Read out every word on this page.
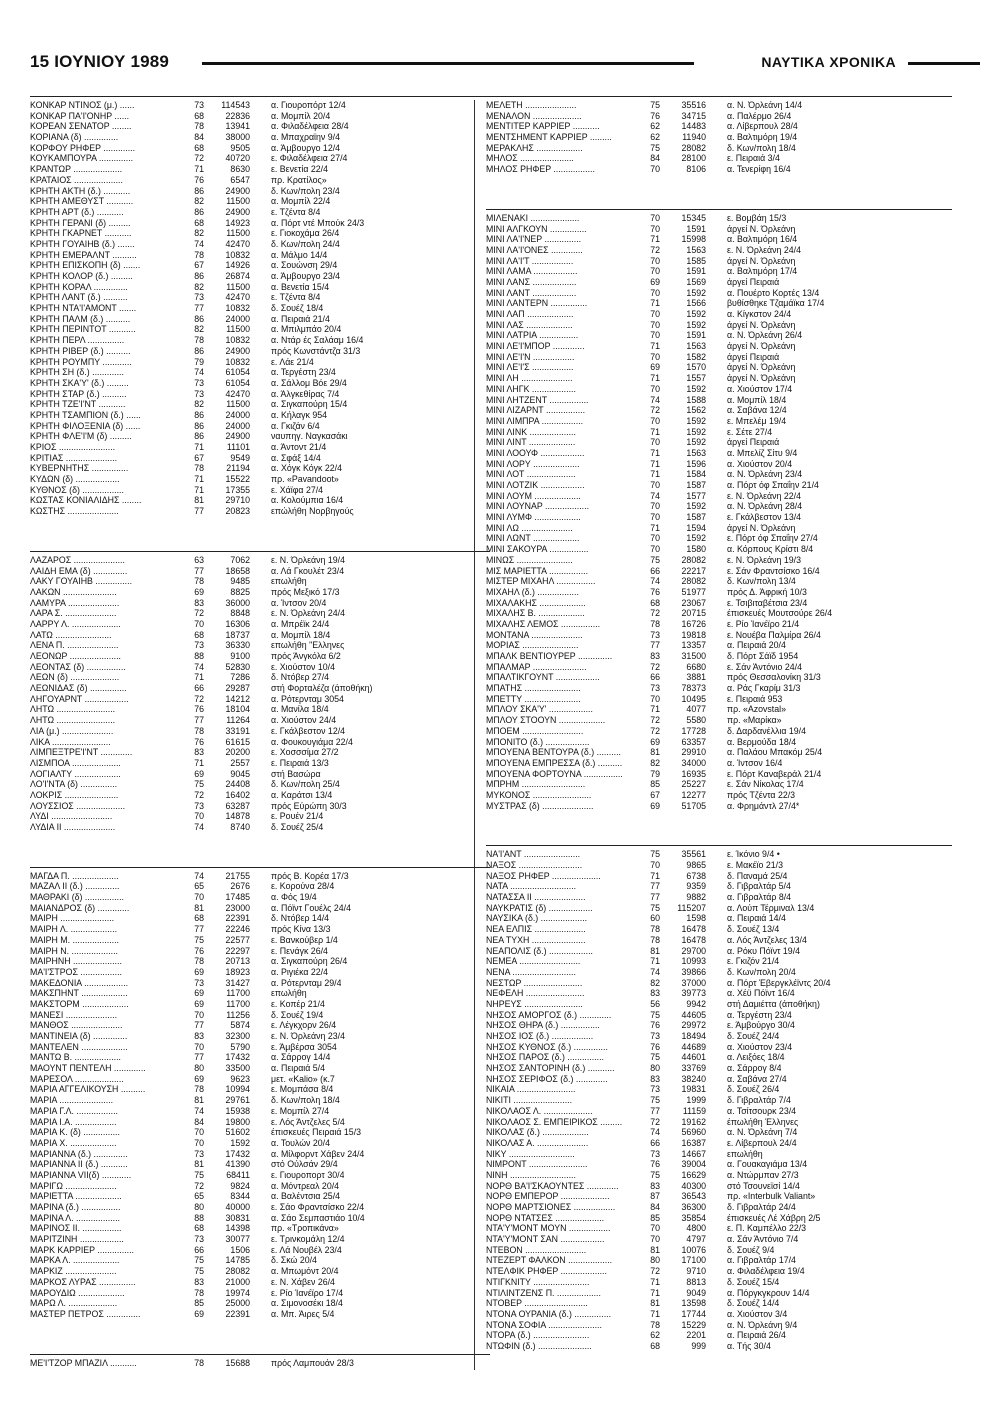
15 ΙΟΥΝΙΟΥ 1989	ΝΑΥΤΙΚΑ ΧΡΟΝΙΚΑ
ΚΟΝΚΑΡ ΝΤΙΝΟΣ (μ.) ......	73	114543	α. Γιουροπόρτ 12/4
ΚΟΝΚΑΡ ΠΑ'Ι'ΟΝΗΡ ......	68	22836	α. Μομπίλ 20/4
ΚΟΡΕΑΝ ΣΕΝΑΤΟΡ ........	78	13941	α. Φιλαδέλφεια 28/4
ΚΟΡΙΑΝΑ (δ) ..............	84	38000	α. Μπαχραϊην 9/4
ΚΟΡΦΟΥ ΡΗΦΕΡ .............	68	9505	α. Άμβουργο 12/4
ΚΟΥΚΑΜΠΟΥΡΑ ..............	72	40720	ε. Φιλαδέλφεια 27/4
ΚΡΑΝΤΩΡ ....................	71	8630	ε. Βενετία 22/4
ΚΡΑΤΑΙΟΣ ....................	76	6547	πρ. Κρατίλος»
ΚΡΗΤΗ ΑΚΤΗ (δ.) ...........	86	24900	δ. Κων/πολη 23/4
ΚΡΗΤΗ ΑΜΕΘΥΣΤ ...........	82	11500	α. Μομπίλ 22/4
ΚΡΗΤΗ ΑΡΤ (δ.) ...........	86	24900	ε. Τζέντα 8/4
ΚΡΗΤΗ ΓΕΡΑΝΙ (δ) .........	68	14923	α. Πόρτ ντέ Μπούκ 24/3
ΚΡΗΤΗ ΓΚΑΡΝΕΤ ...........	82	11500	ε. Γιοκοχάμα 26/4
ΚΡΗΤΗ ΓΟΥΑΙΗΒ (δ.) .......	74	42470	δ. Κων/πολη 24/4
ΚΡΗΤΗ ΕΜΕΡΑΛΝΤ ..........	78	10832	α. Μάλμο 14/4
ΚΡΗΤΗ ΕΠΙΣΚΟΠΗ (δ) .......	67	14926	α. Σουώνση 29/4
ΚΡΗΤΗ ΚΟΛΟΡ (δ.) .........	86	26874	α. Άμβουργο 23/4
ΚΡΗΤΗ ΚΟΡΑΛ ..............	82	11500	α. Βενετία 15/4
ΚΡΗΤΗ ΛΑΝΤ (δ.) ..........	73	42470	ε. Τζέντα 8/4
ΚΡΗΤΗ ΝΤΑ'Ι'ΑΜΟΝΤ .......	77	10832	δ. Σουέζ 18/4
ΚΡΗΤΗ ΠΑΛΜ (δ.) ..........	86	24000	α. Πειραιά 21/4
ΚΡΗΤΗ ΠΕΡΙΝΤΟΤ ...........	82	11500	α. Μπιλμπάο 20/4
ΚΡΗΤΗ ΠΕΡΛ ...............	78	10832	α. Ντάρ ές Σαλάαμ 16/4
ΚΡΗΤΗ ΡΙΒΕΡ (δ.) ..........	86	24900	πρός Κωνστάντζα 31/3
ΚΡΗΤΗ ΡΟΥΜΠΥ ............	79	10832	ε. Λάε 21/4
ΚΡΗΤΗ ΣΗ (δ.) .............	74	61054	α. Τεργέστη 23/4
ΚΡΗΤΗ ΣΚΑ'Υ' (δ.) .........	73	61054	α. Σάλλομ Βόε 29/4
ΚΡΗΤΗ ΣΤΑΡ (δ.) ..........	73	42470	α. Άλγκεθίρας 7/4
ΚΡΗΤΗ ΤΖΕ'Ι'ΝΤ ...........	82	11500	α. Σιγκαπούρη 15/4
ΚΡΗΤΗ ΤΣΑΜΠΙΟΝ (δ.) ......	86	24000	α. Κήλαγκ 954
ΚΡΗΤΗ ΦΙΛΟΞΕΝΙΑ (δ) ......	86	24000	α. Γκιζάν 6/4
ΚΡΗΤΗ ΦΛΕ'Ι'Μ (δ) .........	86	24900	ναυπηγ. Ναγκασάκι
ΚΡΙΟΣ .......................	71	11101	α. Άντοντ 21/4
ΚΡΙΤΙΑΣ .....................	67	9549	α. Σφάξ 14/4
ΚΥΒΕΡΝΗΤΗΣ ...............	78	21194	α. Χόγκ Κόγκ 22/4
ΚΥΔΩΝ (δ) ..................	71	15522	πρ. «Pavandoot»
ΚΥΘΝΟΣ (δ) .................	71	17355	ε. Χάϊφα 27/4
ΚΩΣΤΑΣ ΚΟΝΙΑΛΙΔΗΣ ........	81	29710	α. Κολούμπια 16/4
ΚΩΣΤΗΣ .....................	77	20823	επώλήθη Νορβηγούς
ΛΑΖΑΡΟΣ .....................	63	7062	ε. Ν. Όρλεάνη 19/4
ΛΑΙΔΗ ΕΜΑ (δ) ..............	77	18658	α. Λά Γκουλέτ 23/4
ΛΑΚΥ ΓΟΥΑΙΗΒ ...............	78	9485	επωλήθη
ΛΑΚΩΝ ......................	69	8825	πρός Μεξικό 17/3
ΛΑΜΥΡΑ .....................	83	36000	α. Ίντσον 20/4
ΛΑΡΑ Σ. .....................	72	8848	ε. Ν. Όρλεάνη 24/4
ΛΑΡΡΥ Λ. ....................	70	16306	α. Μπρέϊκ 24/4
ΛΑΤΩ .......................	68	18737	α. Μομπίλ 18/4
ΛΕΝΑ Π. .....................	73	36330	επωλήθη "Ελληνες
ΛΕΟΝΩΡ .....................	88	9100	πρός Άνγκόλα 6/2
ΛΕΟΝΤΑΣ (δ) ................	74	52830	ε. Χιούστον 10/4
ΛΕΩΝ (δ) ....................	71	7286	δ. Ντόβερ 27/4
ΛΕΩΝΙΔΑΣ (δ) ...............	66	29287	στή Φορταλέζα (άποθήκη)
ΛΗΓΟΥΑΡΝΤ ..................	72	14212	α. Ρότερνταμ 3054
ΛΗΤΩ ........................	76	18104	α. Μανίλα 18/4
ΛΗΤΩ ........................	77	11264	α. Χιούστον 24/4
ΛΙΑ (μ.) .....................	78	33191	ε. Γκάλβεστον 12/4
ΛΙΚΑ ........................	76	61615	α. Φουκουγιάμα 22/4
ΛΙΜΠΕΞΤΡΕ'Ι'ΝΤ .............	83	20200	ε. Χοσσσίμα 27/2
ΛΙΣΜΠΟΑ ....................	71	2557	ε. Πειραιά 13/3
ΛΟΓΙΑΛΤΥ ...................	69	9045	στή Βασώρα
ΛΟ'Ι'ΝΤΑ (δ) ...............	75	24408	δ. Κων/πολη 25/4
ΛΟΚΡΙΣ ......................	72	16402	α. Καράτσι 13/4
ΛΟΥΣΣΙΟΣ ....................	73	63287	πρός Εύρώπη 30/3
ΛΥΔΙ .........................	70	14878	ε. Ρουέν 21/4
ΛΥΔΙΑ ΙΙ .....................	74	8740	δ. Σουέζ 25/4
ΜΑΓΔΑ Π. ...................	74	21755	πρός Β. Κορέα 17/3
ΜΑΖΑΛ ΙΙ (δ.) ..............	65	2676	ε. Κορούνα 28/4
ΜΑΘΡΑΚΙ (δ) ................	70	17485	α. Φός 19/4
ΜΑΙΑΝΔΡΟΣ (δ) .............	81	23000	α. Πόϊντ Γουέλς 24/4
ΜΑΙΡΗ ......................	68	22391	δ. Ντόβερ 14/4
ΜΑΙΡΗ Λ. ...................	77	22246	πρός Κίνα 13/3
ΜΑΙΡΗ Μ. ...................	75	22577	ε. Βανκούβερ 1/4
ΜΑΙΡΗ Ν. ...................	76	22297	ε. Πενάγκ 26/4
ΜΑΙΡΗΝΗ ....................	78	20713	α. Σιγκαπούρη 26/4
ΜΑ'Ι'ΣΤΡΟΣ .................	69	18923	α. Ριγιέκα 22/4
ΜΑΚΕΔΟΝΙΑ ..................	73	31427	α. Ρότερνταμ 29/4
ΜΑΚΣΠΗΝΤ ...................	69	11700	επωλήθη
ΜΑΚΣΤΟΡΜ ...................	69	11700	ε. Κοπέρ 21/4
ΜΑΝΕΣΙ .....................	70	11256	δ. Σουέζ 19/4
ΜΑΝΘΟΣ .....................	77	5874	ε. Λέγκχορν 26/4
ΜΑΝΤΙΝΕΙΑ (δ) ..............	83	32300	ε. Ν. Όρλεάνη 23/4
ΜΑΝΤΕΛΕΝ ...................	70	5790	ε. Άμβέρσα 3054
ΜΑΝΤΩ Β. ...................	77	17432	α. Σάρρογ 14/4
ΜΑΟΥΝΤ ΠΕΝΤΕΛΗ .............	80	33500	α. Πειραιά 5/4
ΜΑΡΕΣΟΛ ....................	69	9623	μετ. «Kalio» (κ.7
ΜΑΡΙΑ ΑΓΓΕΛΙΚΟΥΣΗ ..........	78	10994	ε. Μομπάσα 8/4
ΜΑΡΙΑ ......................	81	29761	δ. Κων/πολη 18/4
ΜΑΡΙΑ Γ.Λ. .................	74	15938	ε. Μομπίλ 27/4
ΜΑΡΙΑ Ι.Α. .................	84	19800	ε. Λός Άντζελες 5/4
ΜΑΡΙΑ Κ. (δ) ...............	70	51602	έπισκευές Πειραιά 15/3
ΜΑΡΙΑ Χ. ...................	70	1592	α. Τουλών 20/4
ΜΑΡΙΑΝΝΑ (δ.) ..............	73	17432	α. Μίλφορντ Χάβεν 24/4
ΜΑΡΙΑΝΝΑ ΙΙ (δ.) ...........	81	41390	στό Ούλσάν 29/4
ΜΑΡΙΑΝΝΑ VII(δ) ............	75	68411	ε. Γιουροπορτ 30/4
ΜΑΡΙΓΩ .....................	72	9824	α. Μόντρεαλ 20/4
ΜΑΡΙΕΤΤΑ ...................	65	8344	α. Βαλέντσια 25/4
ΜΑΡΙΝΑ (δ.) ................	80	40000	ε. Σάο Φραντσίσκο 22/4
ΜΑΡΙΝΑ Λ. ..................	88	30831	α. Σάο Σεμπαστιάο 10/4
ΜΑΡΙΝΟΣ ΙΙ. ................	68	14398	πρ. «Τροπικάνα»
ΜΑΡΙΤΖΙΝΗ ..................	73	30077	ε. Τρινκομάλη 12/4
ΜΑΡΚ ΚΑΡΡΙΕΡ ...............	66	1506	ε. Λά Νουβέλ 23/4
ΜΑΡΚΑ Λ. ...................	75	14785	δ. Σκώ 20/4
ΜΑΡΚΙΖ .....................	75	28082	α. Μπωμόντ 20/4
ΜΑΡΚΟΣ ΛΥΡΑΣ ...............	83	21000	ε. Ν. Χάβεν 26/4
ΜΑΡΟΥΔΙΩ ...................	78	19974	ε. Ρίο Ίανέϊρο 17/4
ΜΑΡΩ Λ. ....................	85	25000	α. Σιμονοσέκι 18/4
ΜΑΣΤΕΡ ΠΕΤΡΟΣ ..............	69	22391	α. Μπ. Άιρες 5/4
ΜΕ'Ι'ΤΖΟΡ ΜΠΑΖΙΛ ...........	78	15688	πρός Λαμπουάν 28/3
ΜΕΛΕΤΗ .....................	75	35516	α. Ν. Όρλεάνη 14/4
ΜΕΝΑΛΟΝ ....................	76	34715	α. Παλέρμο 26/4
ΜΕΝΤΙΤΕΡ ΚΑΡΡΙΕΡ ...........	62	14483	α. Λίβερπουλ 28/4
ΜΕΝΤΣΗΜΕΝΤ ΚΑΡΡΙΕΡ .........	62	11940	α. Βαλτιμόρη 19/4
ΜΕΡΑΚΛΗΣ ...................	75	28082	δ. Κων/πολη 18/4
ΜΗΛΟΣ ......................	84	28100	ε. Πειραιά 3/4
ΜΗΛΟΣ ΡΗΦΕΡ .................	70	8106	α. Τενερίφη 16/4
ΜΙΛΕΝΑΚΙ ....................	70	15345	ε. Βομβάη 15/3
ΜΙΝΙ ΑΛΓΚΟΥΝ ...............	70	1591	άργεί Ν. Όρλεάνη
ΜΙΝΙ ΛΑ'Ι'ΝΕΡ ...............	71	15998	α. Βαλτιμόρη 16/4
ΜΙΝΙ ΛΑ'Ι'ΟΝΕΣ .............	72	1563	ε. Ν. Όρλεάνη 24/4
ΜΙΝΙ ΛΑ'Ι'Τ .................	70	1585	άργεί Ν. Όρλεάνη
ΜΙΝΙ ΛΑΜΑ ..................	70	1591	α. Βαλτιμόρη 17/4
ΜΙΝΙ ΛΑΝΣ ..................	69	1569	άργεί Πειραιά
ΜΙΝΙ ΛΑΝΤ ..................	70	1592	α. Πουέρτο Κορτές 13/4
ΜΙΝΙ ΛΑΝΤΕΡΝ ...............	71	1566	βυθίσθηκε Τζαμάϊκα 17/4
ΜΙΝΙ ΛΑΠ ...................	70	1592	α. Κίγκστον 24/4
ΜΙΝΙ ΛΑΣ ...................	70	1592	άργεί Ν. Όρλεάνη
ΜΙΝΙ ΛΑΤΡΙΑ ................	70	1591	α. Ν. Όρλεάνη 26/4
ΜΙΝΙ ΛΕ'Ι'ΜΠΟΡ .............	71	1563	άργεί Ν. Όρλεάνη
ΜΙΝΙ ΛΕ'Ι'Ν .................	70	1582	άργεί Πειραιά
ΜΙΝΙ ΛΕ'Ι'Σ .................	69	1570	άργεί Ν. Όρλεάνη
ΜΙΝΙ ΛΗ .....................	71	1557	άργεί Ν. Όρλεάνη
ΜΙΝΙ ΛΗΓΚ ..................	70	1592	α. Χιούστον 17/4
ΜΙΝΙ ΛΗΤΖΕΝΤ ................	74	1588	α. Μομπίλ 18/4
ΜΙΝΙ ΛΙΖΑΡΝΤ ................	72	1562	α. Σαβάνα 12/4
ΜΙΝΙ ΛΙΜΠΡΑ .................	70	1592	ε. Μπελέμ 19/4
ΜΙΝΙ ΛΙΝΚ ...................	71	1592	ε. Σέτε 27/4
ΜΙΝΙ ΛΙΝΤ ...................	70	1592	άργεί Πειραιά
ΜΙΝΙ ΛΟΟΥΦ ..................	71	1563	α. Μπελίζ Σίτυ 9/4
ΜΙΝΙ ΛΟΡΥ ...................	71	1596	α. Χιούστον 20/4
ΜΙΝΙ ΛΟΤ ....................	71	1584	α. Ν. Όρλεάνη 23/4
ΜΙΝΙ ΛΟΤΖΙΚ ..................	70	1587	α. Πόρτ όφ Σπαΐην 21/4
ΜΙΝΙ ΛΟΥΜ ...................	74	1577	ε. Ν. Όρλεάνη 22/4
ΜΙΝΙ ΛΟΥΝΑΡ ..................	70	1592	α. Ν. Όρλεάνη 28/4
ΜΙΝΙ ΛΥΜΦ ...................	70	1587	ε. Γκάλβεστον 13/4
ΜΙΝΙ ΛΩ .....................	71	1594	άργεί Ν. Όρλεάνη
ΜΙΝΙ ΛΩΝΤ ...................	70	1592	ε. Πόρτ όφ Σπαΐην 27/4
ΜΙΝΙ ΣΑΚΟΥΡΑ ................	70	1580	α. Κόρπους Κρίστι 8/4
ΜΙΝΩΣ .......................	75	28082	ε. Ν. Όρλεάνη 19/3
ΜΙΣ ΜΑΡΙΕΤΤΑ ................	66	22217	ε. Σάν Φραντσίσκο 16/4
ΜΙΣΤΕΡ ΜΙΧΑΗΛ ................	74	28082	δ. Κων/πολη 13/4
ΜΙΧΑΗΛ (δ.) .................	76	51977	πρός Δ. Άφρική 10/3
ΜΙΧΑΛΑΚΗΣ ...................	68	23067	ε. Τσιβιταβέτσια 23/4
ΜΙΧΑΛΗΣ Β. ...................	72	20715	έπισκευές Μουτσούρε 26/4
ΜΙΧΑΛΗΣ ΛΕΜΟΣ ................	78	16726	ε. Ρίο Ίανέϊρο 21/4
ΜΟΝΤΑΝΑ .....................	73	19818	ε. Νουέβα Παλμίρα 26/4
ΜΟΡΙΑΣ .......................	77	13357	α. Πειραιά 20/4
ΜΠΑΛΚ ΒΕΝΤΙΟΥΡΕΡ ..............	83	31500	δ. Πόρτ Σάϊδ 1954
ΜΠΑΛΜΑΡ ......................	72	6680	ε. Σάν Άντόνιο 24/4
ΜΠΑΛΤΙΚΓΟΥΝΤ ..................	66	3881	πρός Θεσσαλονίκη 31/3
ΜΠΑΤΗΣ .......................	73	78373	α. Ράς Γκαρίμ 31/3
ΜΠΕΤΤΥ .......................	70	10495	ε. Πειραιά 953
ΜΠΛΟΥ ΣΚΑ'Υ' ..................	71	4077	πρ. «Azovstal»
ΜΠΛΟΥ ΣΤΟΟΥΝ ...................	72	5580	πρ. «Μαρίκα»
ΜΠΟΕΜ .........................	72	17728	δ. Δαρδανέλλια 19/4
ΜΠΟΝΙΤΟ (δ.) ..................	69	63357	α. Βερμούδα 18/4
ΜΠΟΥΕΝΑ ΒΕΝΤΟΥΡΑ (δ.) ..........	81	29910	α. Παλάου Μπακόμ 25/4
ΜΠΟΥΕΝΑ ΕΜΠΡΕΣΣΑ (δ.) ..........	82	34000	α. Ίντσον 16/4
ΜΠΟΥΕΝΑ ΦΟΡΤΟΥΝΑ ................	79	16935	ε. Πόρτ Καναβεράλ 21/4
ΜΠΡΗΜ ..........................	85	25227	ε. Σάν Νίκολας 17/4
ΜΥΚΟΝΟΣ ........................	67	12277	πρός Τζέντα 22/3
ΜΥΣΤΡΑΣ (δ) .....................	69	51705	α. Φρημάντλ 27/4*
ΝΑ'Ι'ΑΝΤ .......................	75	35561	ε. Ίκόνιο 9/4 •
ΝΑΞΟΣ ..........................	70	9865	ε. Μακέϊο 21/3
ΝΑΞΟΣ ΡΗΦΕΡ ....................	71	6738	δ. Παναμά 25/4
ΝΑΤΑ ...........................	77	9359	δ. Γιβραλτάρ 5/4
ΝΑΤΑΣΣΑ ΙΙ .....................	77	9882	α. Γιβραλτάρ 8/4
ΝΑΥΚΡΑΤΙΣ (δ) ..................	75	115207	α. Λούπ Τέρμιναλ 13/4
ΝΑΥΣΙΚΑ (δ.) ...................	60	1598	α. Πειραιά 14/4
ΝΕΑ ΕΛΠΙΣ .....................	78	16478	δ. Σουέζ 13/4
ΝΕΑ ΤΥΧΗ ......................	78	16478	α. Λός Άντζελες 13/4
ΝΕΑΠΟΛΙΣ (δ.) ..................	81	29700	α. Ρόκυ Πόϊντ 19/4
ΝΕΜΕΑ .........................	71	10993	ε. Γκιζόν 21/4
ΝΕΝΑ ..........................	74	39866	δ. Κων/πολη 20/4
ΝΕΣΤΩΡ ........................	82	37000	α. Πόρτ Έβεργκλέϊντς 20/4
ΝΕΦΕΛΗ ........................	83	39773	α. Χέϋ Πόϊντ 16/4
ΝΗΡΕΥΣ ........................	56	9942	στή Δαμιέττα (άποθήκη)
ΝΗΣΟΣ ΑΜΟΡΓΟΣ (δ.) .............	75	44605	α. Τεργέστη 23/4
ΝΗΣΟΣ ΘΗΡΑ (δ.) ................	76	29972	ε. Άμβούργο 30/4
ΝΗΣΟΣ ΙΟΣ (δ.) .................	73	18494	δ. Σουέζ 24/4
ΝΗΣΟΣ ΚΥΘΝΟΣ (δ.) ..............	76	44689	α. Χιούστον 23/4
ΝΗΣΟΣ ΠΑΡΟΣ (δ.) ...............	75	44601	α. Λειξόες 18/4
ΝΗΣΟΣ ΣΑΝΤΟΡΙΝΗ (δ.) ...........	80	33769	α. Σάρρογ 8/4
ΝΗΣΟΣ ΣΕΡΙΦΟΣ (δ.) .............	83	38240	α. Σαβάνα 27/4
ΝΙΚΑΙΑ ........................	73	19831	δ. Σουέζ 26/4
ΝΙΚΙΤΙ ........................	75	1999	δ. Γιβραλτάρ 7/4
ΝΙΚΟΛΑΟΣ Λ. ....................	77	11159	α. Τσίτσουρκ 23/4
ΝΙΚΟΛΑΟΣ Σ. ΕΜΠΕΙΡΙΚΟΣ .........	72	19162	έπωλήθη Έλληνες
ΝΙΚΟΛΑΣ (δ.) ...................	74	56960	α. Ν. Όρλεάνη 7/4
ΝΙΚΟΛΑΣ Α. .....................	66	16387	ε. Λίβερπουλ 24/4
ΝΙΚΥ ...........................	73	14667	επωλήθη
ΝΙΜΡΟΝΤ ........................	76	39004	α. Γουακαγιάμα 13/4
ΝΙΝΗ ...........................	75	16629	α. Ντώρμπαν 27/3
ΝΟΡΘ ΒΑ'Ι'ΣΚΑΟΥΝΤΕΣ .............	83	40300	στό Τσουνεϊσί 14/4
ΝΟΡΘ ΕΜΠΕΡΟΡ ....................	87	36543	πρ. «Interbulk Valiant»
ΝΟΡΘ ΜΑΡΤΣΙΟΝΕΣ .................	84	36300	δ. Γιβραλτάρ 24/4
ΝΟΡΘ ΝΤΑΤΣΕΣ ....................	85	35854	έπισκευές Λέ Χάβρη 2/5
ΝΤΑ'Υ'ΜΟΝΤ ΜΟΥΝ .................	70	4800	ε. Π. Καμπέλλο 22/3
ΝΤΑ'Υ'ΜΟΝΤ ΣΑΝ ..................	70	4797	α. Σάν Άντόνιο 7/4
ΝΤΕΒΟΝ .........................	81	10076	δ. Σουέζ 9/4
ΝΤΕΖΕΡΤ ΦΑΛΚΟΝ ..................	80	17100	α. Γιβραλτάρ 17/4
ΝΤΕΛΦΙΚ ΡΗΦΕΡ ...................	72	9710	α. Φιλαδέλφεια 19/4
ΝΤΙΓΚΝΙΤΥ .......................	71	8813	δ. Σουέζ 15/4
ΝΤΙΛΙΝΤΖΕΝΣ Π. ..................	71	9049	α. Πόργκγκρουν 14/4
ΝΤΟΒΕΡ ..........................	81	13598	δ. Σουέζ 14/4
ΝΤΟΝΑ ΟΥΡΑΝΙΑ (δ.) ...............	71	17744	α. Χιούστον 3/4
ΝΤΟΝΑ ΣΟΦΙΑ ......................	78	15229	α. Ν. Όρλεάνη 9/4
ΝΤΟΡΑ (δ.) .......................	62	2201	α. Πειραιά 26/4
ΝΤΩΦΙΝ (δ.) ......................	68	999	α. Τής 30/4
